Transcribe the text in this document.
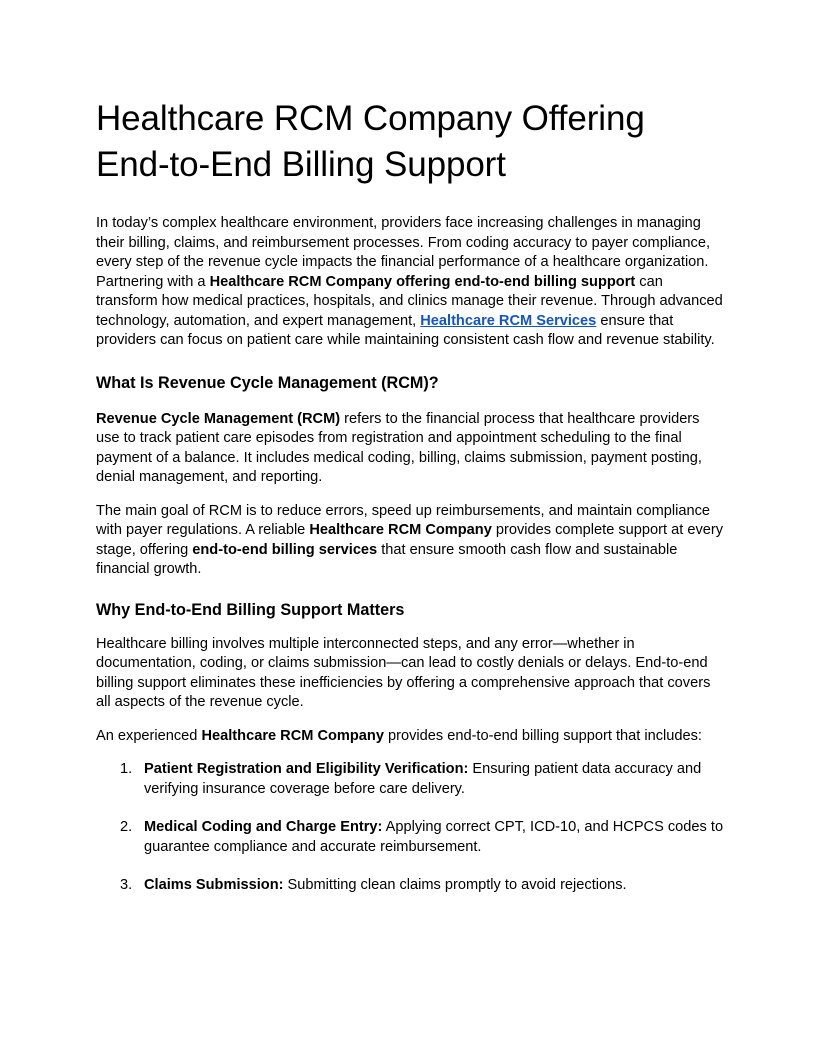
Healthcare RCM Company Offering End-to-End Billing Support

In today’s complex healthcare environment, providers face increasing challenges in managing their billing, claims, and reimbursement processes. From coding accuracy to payer compliance, every step of the revenue cycle impacts the financial performance of a healthcare organization. Partnering with a Healthcare RCM Company offering end-to-end billing support can transform how medical practices, hospitals, and clinics manage their revenue. Through advanced technology, automation, and expert management, Healthcare RCM Services ensure that providers can focus on patient care while maintaining consistent cash flow and revenue stability.

What Is Revenue Cycle Management (RCM)?

Revenue Cycle Management (RCM) refers to the financial process that healthcare providers use to track patient care episodes from registration and appointment scheduling to the final payment of a balance. It includes medical coding, billing, claims submission, payment posting, denial management, and reporting.

The main goal of RCM is to reduce errors, speed up reimbursements, and maintain compliance with payer regulations. A reliable Healthcare RCM Company provides complete support at every stage, offering end-to-end billing services that ensure smooth cash flow and sustainable financial growth.

Why End-to-End Billing Support Matters

Healthcare billing involves multiple interconnected steps, and any error—whether in documentation, coding, or claims submission—can lead to costly denials or delays. End-to-end billing support eliminates these inefficiencies by offering a comprehensive approach that covers all aspects of the revenue cycle.

An experienced Healthcare RCM Company provides end-to-end billing support that includes:

1. Patient Registration and Eligibility Verification: Ensuring patient data accuracy and verifying insurance coverage before care delivery.
2. Medical Coding and Charge Entry: Applying correct CPT, ICD-10, and HCPCS codes to guarantee compliance and accurate reimbursement.
3. Claims Submission: Submitting clean claims promptly to avoid rejections.
